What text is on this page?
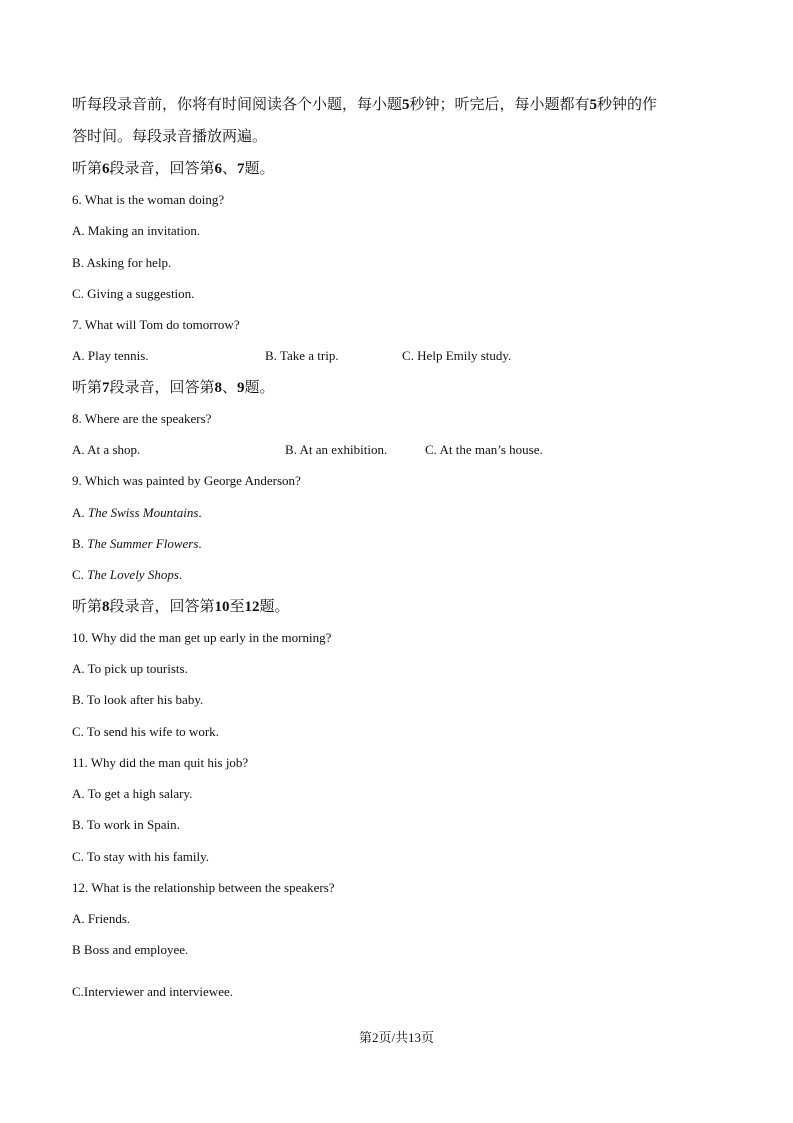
听每段录音前，你将有时间阅读各个小题，每小题5秒钟；听完后，每小题都有5秒钟的作
答时间。每段录音播放两遍。
听第6段录音，回答第6、7题。
6. What is the woman doing?
A. Making an invitation.
B. Asking for help.
C. Giving a suggestion.
7. What will Tom do tomorrow?
A. Play tennis.	B. Take a trip.	C. Help Emily study.
听第7段录音，回答第8、9题。
8. Where are the speakers?
A. At a shop.	B. At an exhibition.	C. At the man’s house.
9. Which was painted by George Anderson?
A. The Swiss Mountains.
B. The Summer Flowers.
C. The Lovely Shops.
听第8段录音，回答第10至12题。
10. Why did the man get up early in the morning?
A. To pick up tourists.
B. To look after his baby.
C. To send his wife to work.
11. Why did the man quit his job?
A. To get a high salary.
B. To work in Spain.
C. To stay with his family.
12. What is the relationship between the speakers?
A. Friends.
B Boss and employee.
C.Interviewer and interviewee.
第2页/共13页
